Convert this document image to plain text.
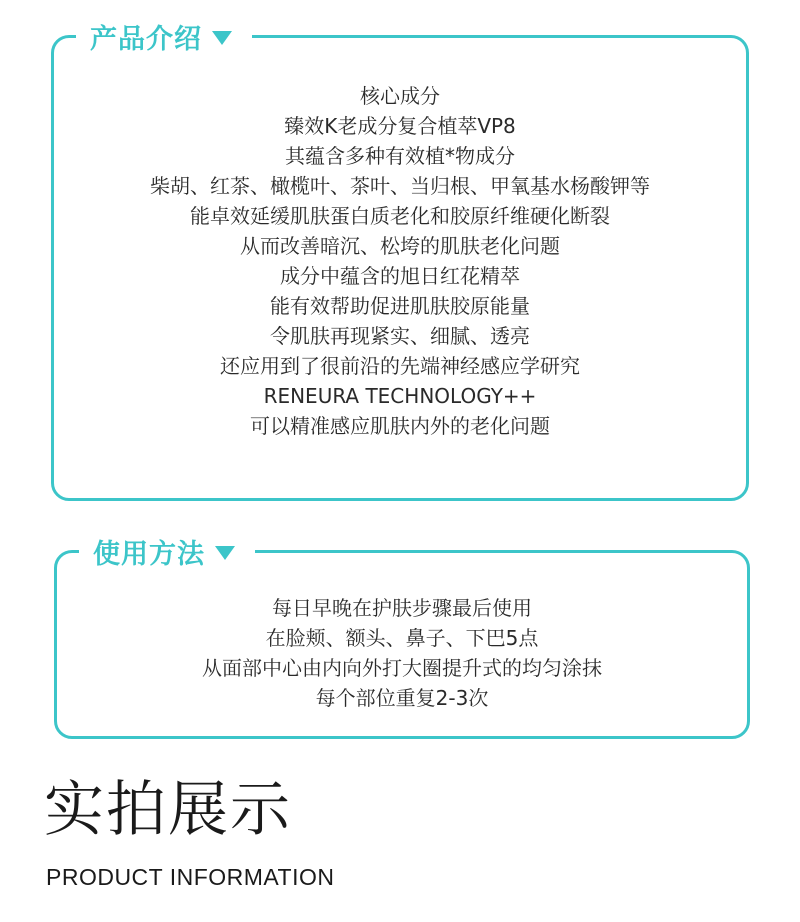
产品介绍
核心成分
臻效K老成分复合植萃VP8
其蕴含多种有效植*物成分
柴胡、红茶、橄榄叶、茶叶、当归根、甲氧基水杨酸钾等
能卓效延缓肌肤蛋白质老化和胶原纤维硬化断裂
从而改善暗沉、松垮的肌肤老化问题
成分中蕴含的旭日红花精萃
能有效帮助促进肌肤胶原能量
令肌肤再现紧实、细腻、透亮
还应用到了很前沿的先端神经感应学研究
RENEURA TECHNOLOGY++
可以精准感应肌肤内外的老化问题
使用方法
每日早晚在护肤步骤最后使用
在脸颊、额头、鼻子、下巴5点
从面部中心由内向外打大圈提升式的均匀涂抹
每个部位重复2-3次
实拍展示
PRODUCT INFORMATION
